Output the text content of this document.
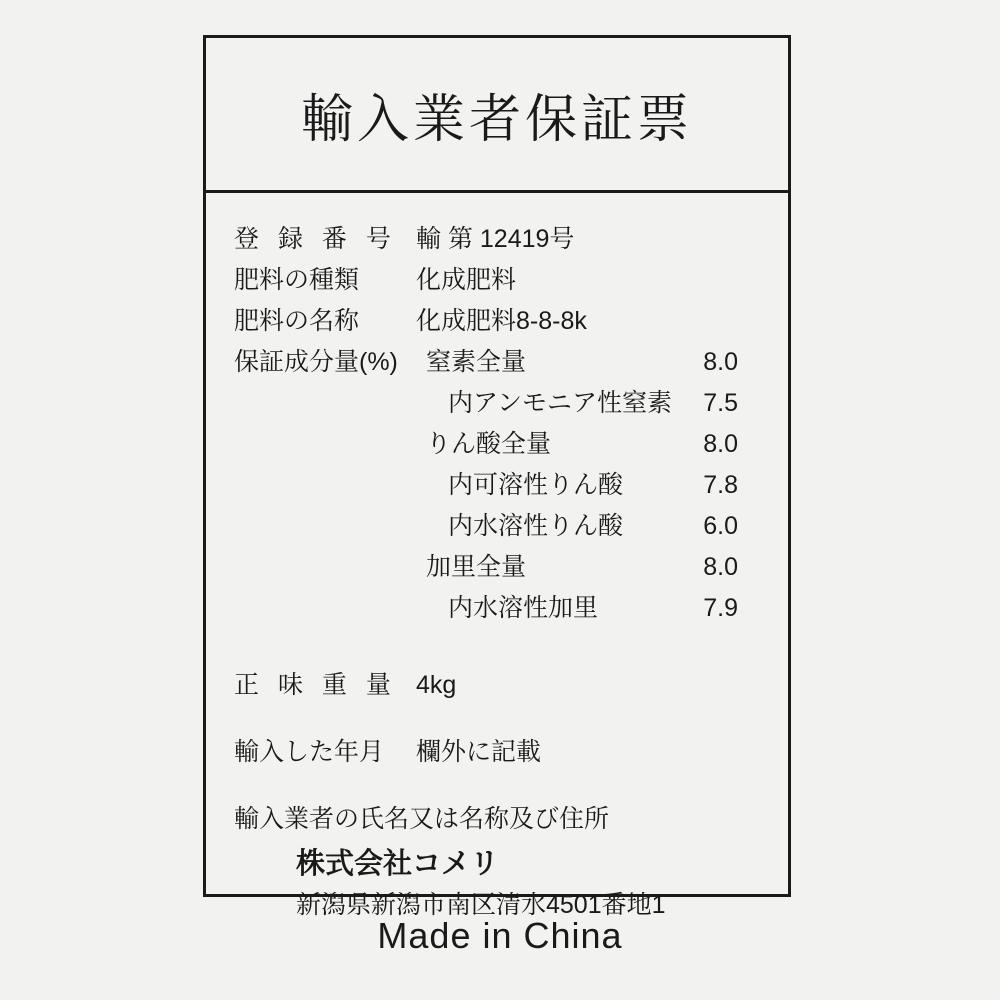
輸入業者保証票
登 録 番 号 輸 第 12419号
肥料の種類	化成肥料
肥料の名称	化成肥料8-8-8k
保証成分量(%)	窒素全量	8.0
内アンモニア性窒素 7.5
りん酸全量	8.0
内可溶性りん酸	7.8
内水溶性りん酸	6.0
加里全量	8.0
内水溶性加里	7.9
正 味 重 量 4kg
輸入した年月	欄外に記載
輸入業者の氏名又は名称及び住所
株式会社コメリ
新潟県新潟市南区清水4501番地1
Made in China
